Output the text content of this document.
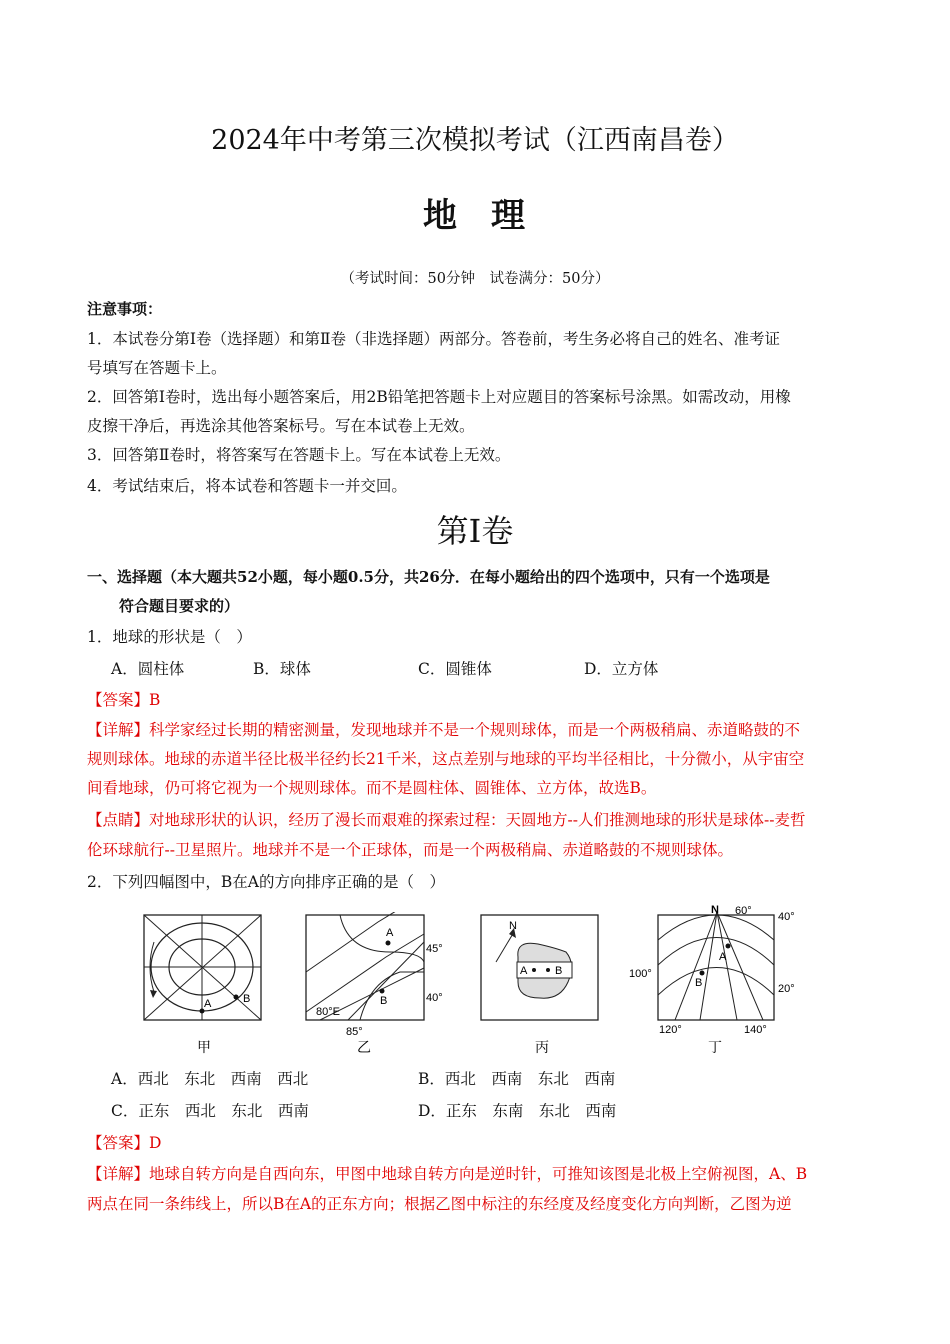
2024年中考第三次模拟考试（江西南昌卷）
地 理
（考试时间：50分钟　试卷满分：50分）
注意事项：
1．本试卷分第Ⅰ卷（选择题）和第Ⅱ卷（非选择题）两部分。答卷前，考生务必将自己的姓名、准考证
号填写在答题卡上。
2．回答第Ⅰ卷时，选出每小题答案后，用2B铅笔把答题卡上对应题目的答案标号涂黑。如需改动，用橡
皮擦干净后，再选涂其他答案标号。写在本试卷上无效。
3．回答第Ⅱ卷时，将答案写在答题卡上。写在本试卷上无效。
4．考试结束后，将本试卷和答题卡一并交回。
第Ⅰ卷
一、选择题（本大题共52小题，每小题0.5分，共26分．在每小题给出的四个选项中，只有一个选项是
符合题目要求的）
1．地球的形状是（　）
A．圆柱体	B．球体	C．圆锥体	D．立方体
【答案】B
【详解】科学家经过长期的精密测量，发现地球并不是一个规则球体，而是一个两极稍扁、赤道略鼓的不
规则球体。地球的赤道半径比极半径约长21千米，这点差别与地球的平均半径相比，十分微小，从宇宙空
间看地球，仍可将它视为一个规则球体。而不是圆柱体、圆锥体、立方体，故选B。
【点睛】对地球形状的认识，经历了漫长而艰难的探索过程：天圆地方--人们推测地球的形状是球体--麦哲
伦环球航行--卫星照片。地球并不是一个正球体，而是一个两极稍扁、赤道略鼓的不规则球体。
2．下列四幅图中，B在A的方向排序正确的是（　）
A	B
甲
A
B
45°
40°
80°E
85°
乙
N
A	B
丙
A
B
N 60° 40°
100°
20°
120°	140°
丁
A．西北　东北　西南　西北	B．西北　西南　东北　西南
C．正东　西北　东北　西南	D．正东　东南　东北　西南
【答案】D
【详解】地球自转方向是自西向东，甲图中地球自转方向是逆时针，可推知该图是北极上空俯视图，A、B
两点在同一条纬线上，所以B在A的正东方向；根据乙图中标注的东经度及经度变化方向判断，乙图为逆
